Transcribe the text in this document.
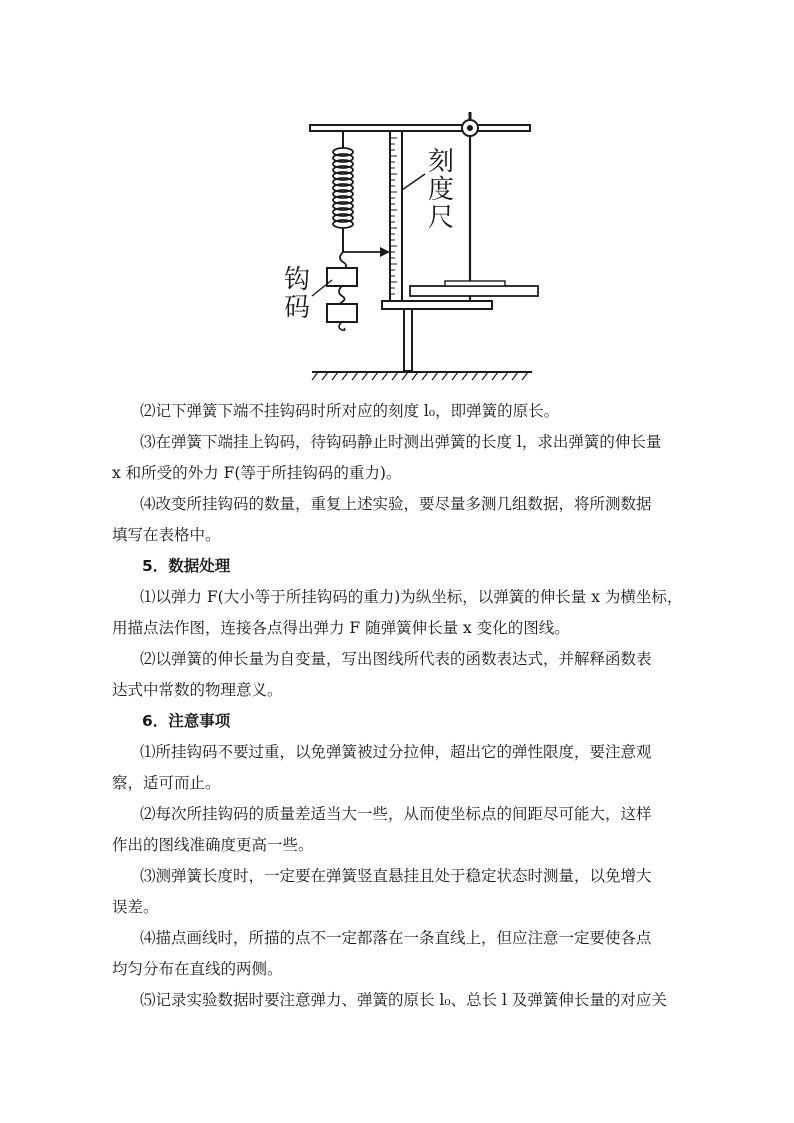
刻
度
尺
钩
码

⑵记下弹簧下端不挂钩码时所对应的刻度 l₀，即弹簧的原长。

⑶在弹簧下端挂上钩码，待钩码静止时测出弹簧的长度 l，求出弹簧的伸长量
x 和所受的外力 F(等于所挂钩码的重力)。

⑷改变所挂钩码的数量，重复上述实验，要尽量多测几组数据，将所测数据
填写在表格中。

5．数据处理

⑴以弹力 F(大小等于所挂钩码的重力)为纵坐标，以弹簧的伸长量 x 为横坐标，
用描点法作图，连接各点得出弹力 F 随弹簧伸长量 x 变化的图线。

⑵以弹簧的伸长量为自变量，写出图线所代表的函数表达式，并解释函数表
达式中常数的物理意义。

6．注意事项

⑴所挂钩码不要过重，以免弹簧被过分拉伸，超出它的弹性限度，要注意观
察，适可而止。

⑵每次所挂钩码的质量差适当大一些，从而使坐标点的间距尽可能大，这样
作出的图线准确度更高一些。

⑶测弹簧长度时，一定要在弹簧竖直悬挂且处于稳定状态时测量，以免增大
误差。

⑷描点画线时，所描的点不一定都落在一条直线上，但应注意一定要使各点
均匀分布在直线的两侧。

⑸记录实验数据时要注意弹力、弹簧的原长 l₀、总长 l 及弹簧伸长量的对应关
